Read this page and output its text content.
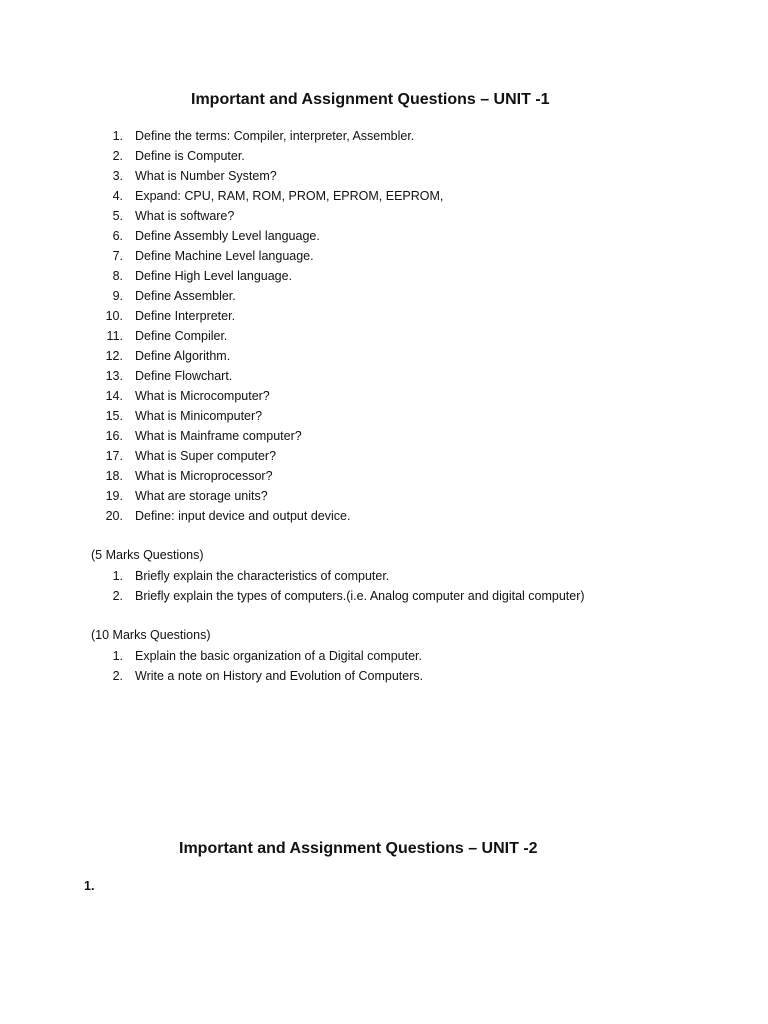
Important and Assignment Questions – UNIT -1
1. Define the terms: Compiler, interpreter, Assembler.
2. Define is Computer.
3. What is Number System?
4. Expand: CPU, RAM, ROM, PROM, EPROM, EEPROM,
5. What is software?
6. Define Assembly Level language.
7. Define Machine Level language.
8. Define High Level language.
9. Define Assembler.
10. Define Interpreter.
11. Define Compiler.
12. Define Algorithm.
13. Define Flowchart.
14. What is Microcomputer?
15. What is Minicomputer?
16. What is Mainframe computer?
17. What is Super computer?
18. What is Microprocessor?
19. What are storage units?
20. Define: input device and output device.
(5 Marks Questions)
1. Briefly explain the characteristics of computer.
2. Briefly explain the types of computers.(i.e. Analog computer and digital computer)
(10 Marks Questions)
1. Explain the basic organization of a Digital computer.
2. Write a note on History and Evolution of Computers.
Important and Assignment Questions – UNIT -2
1.
